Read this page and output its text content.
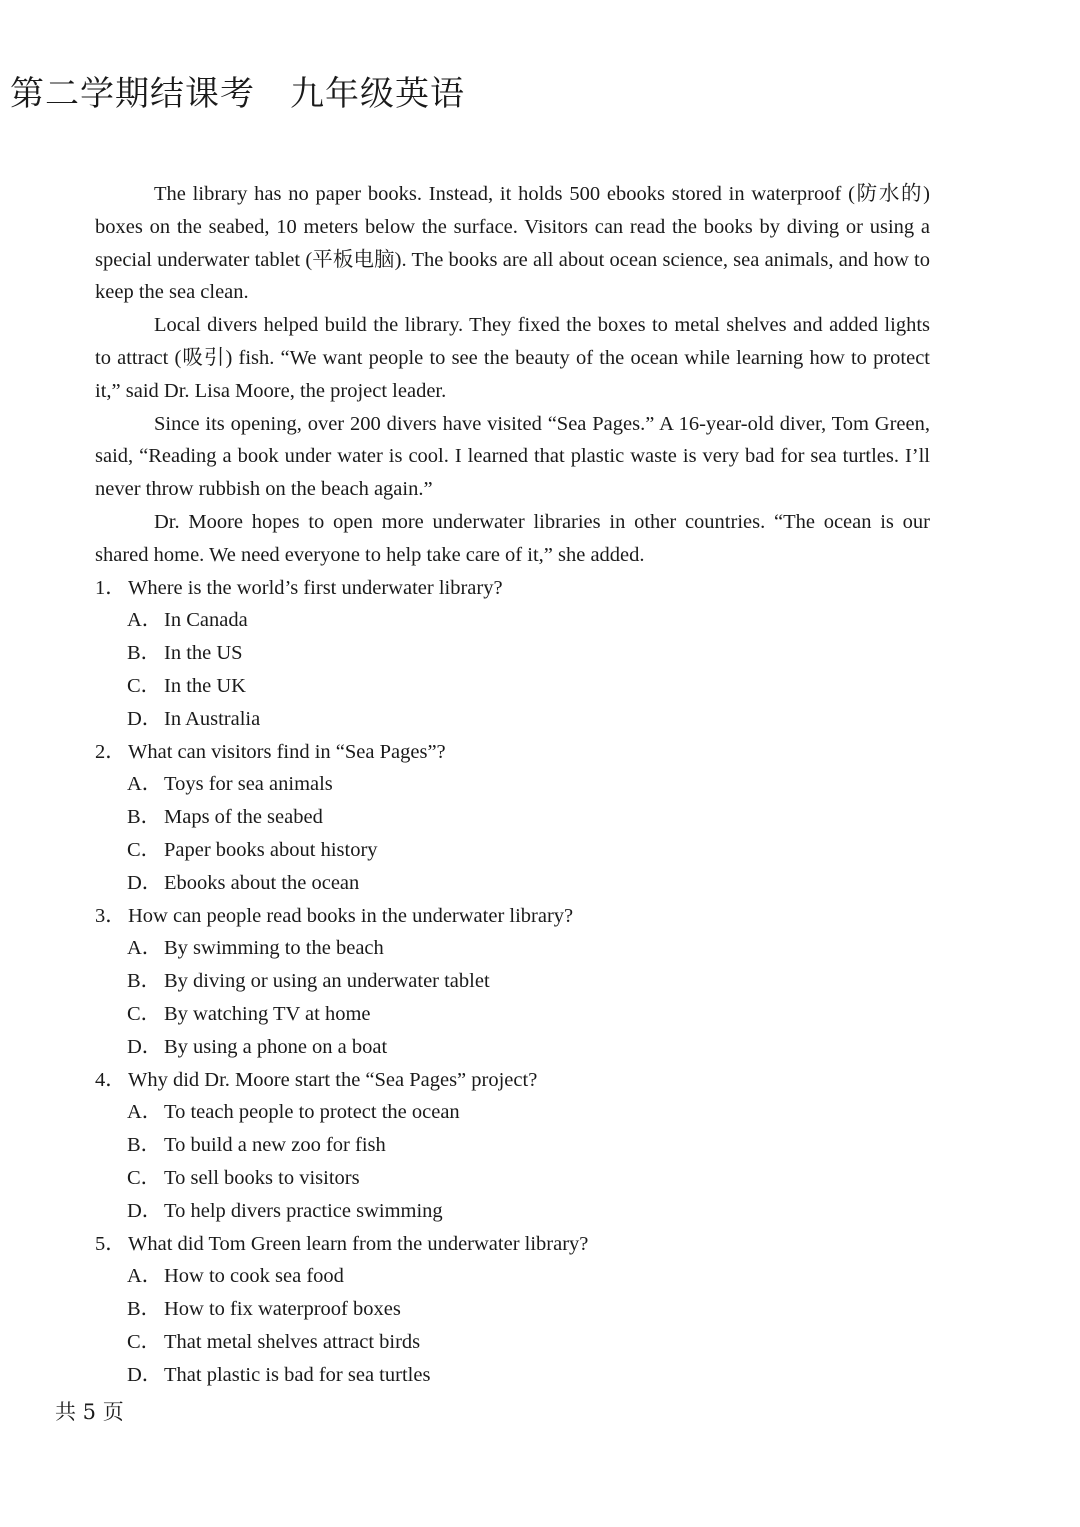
第二学期结课考　九年级英语

The library has no paper books. Instead, it holds 500 ebooks stored in waterproof (防水的) boxes on the seabed, 10 meters below the surface. Visitors can read the books by diving or using a special underwater tablet (平板电脑). The books are all about ocean science, sea animals, and how to keep the sea clean.

Local divers helped build the library. They fixed the boxes to metal shelves and added lights to attract (吸引) fish. “We want people to see the beauty of the ocean while learning how to protect it,” said Dr. Lisa Moore, the project leader.

Since its opening, over 200 divers have visited “Sea Pages.” A 16-year-old diver, Tom Green, said, “Reading a book under water is cool. I learned that plastic waste is very bad for sea turtles. I’ll never throw rubbish on the beach again.”

Dr. Moore hopes to open more underwater libraries in other countries. “The ocean is our shared home. We need everyone to help take care of it,” she added.

1． Where is the world’s first underwater library?

A．In Canada
B． In the US
C． In the UK
D．In Australia

2． What can visitors find in “Sea Pages”?

A．Toys for sea animals
B． Maps of the seabed
C． Paper books about history
D．Ebooks about the ocean

3． How can people read books in the underwater library?

A．By swimming to the beach
B． By diving or using an underwater tablet
C． By watching TV at home
D．By using a phone on a boat

4． Why did Dr. Moore start the “Sea Pages” project?

A．To teach people to protect the ocean
B． To build a new zoo for fish
C． To sell books to visitors
D．To help divers practice swimming

5． What did Tom Green learn from the underwater library?

A．How to cook sea food
B． How to fix waterproof boxes
C． That metal shelves attract birds
D．That plastic is bad for sea turtles
共 5 页
